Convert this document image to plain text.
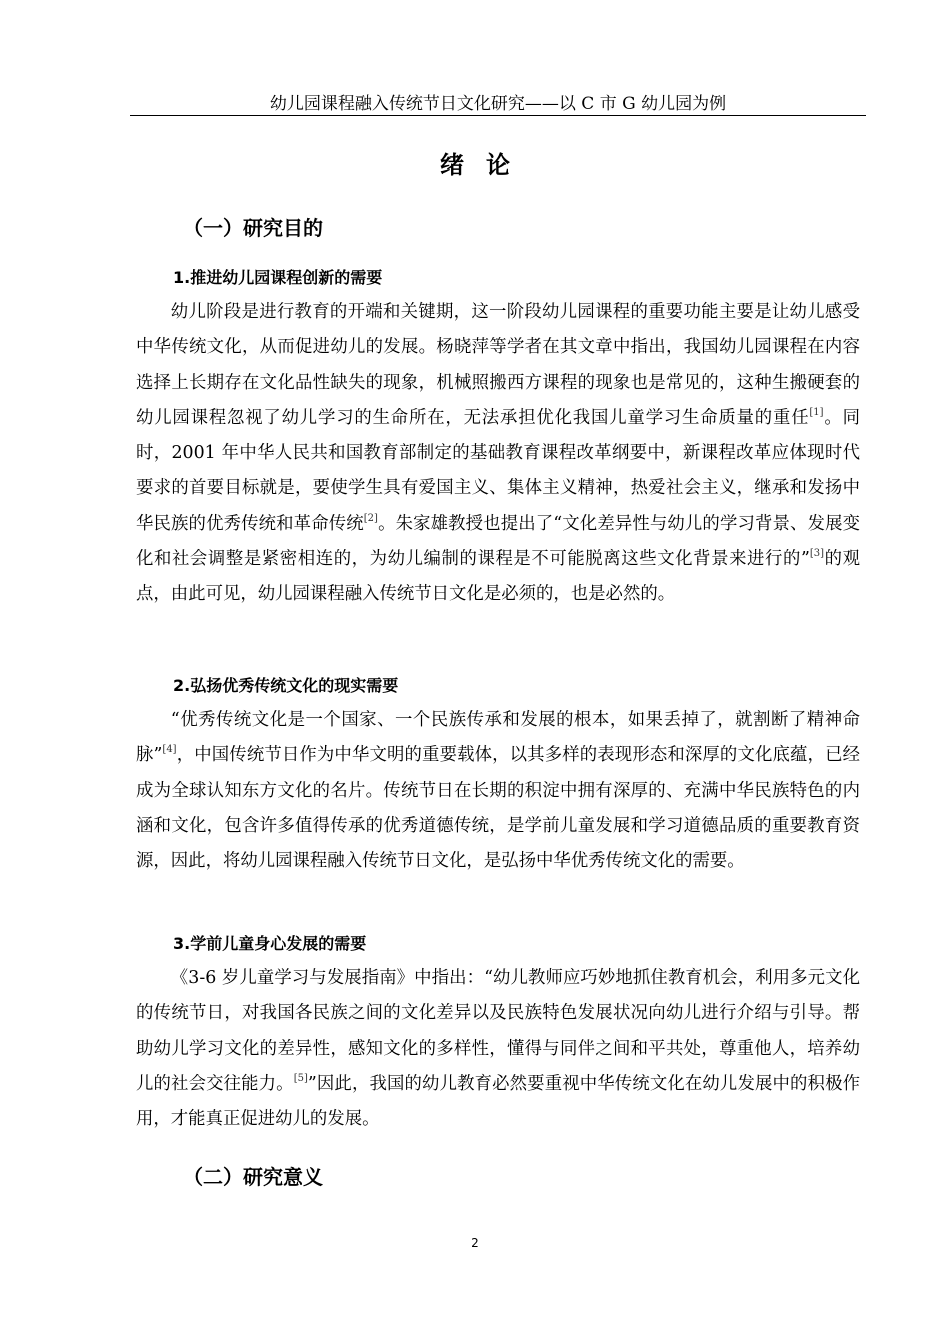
幼儿园课程融入传统节日文化研究——以 C 市 G 幼儿园为例
绪论
（一）研究目的
1.推进幼儿园课程创新的需要

幼儿阶段是进行教育的开端和关键期，这一阶段幼儿园课程的重要功能主要是让幼儿感受中华传统文化，从而促进幼儿的发展。杨晓萍等学者在其文章中指出，我国幼儿园课程在内容选择上长期存在文化品性缺失的现象，机械照搬西方课程的现象也是常见的，这种生搬硬套的幼儿园课程忽视了幼儿学习的生命所在，无法承担优化我国儿童学习生命质量的重任[1]。同时，2001 年中华人民共和国教育部制定的基础教育课程改革纲要中，新课程改革应体现时代要求的首要目标就是，要使学生具有爱国主义、集体主义精神，热爱社会主义，继承和发扬中华民族的优秀传统和革命传统[2]。朱家雄教授也提出了“文化差异性与幼儿的学习背景、发展变化和社会调整是紧密相连的，为幼儿编制的课程是不可能脱离这些文化背景来进行的”[3]的观点，由此可见，幼儿园课程融入传统节日文化是必须的，也是必然的。

2.弘扬优秀传统文化的现实需要

“优秀传统文化是一个国家、一个民族传承和发展的根本，如果丢掉了，就割断了精神命脉”[4]，中国传统节日作为中华文明的重要载体，以其多样的表现形态和深厚的文化底蕴，已经成为全球认知东方文化的名片。传统节日在长期的积淀中拥有深厚的、充满中华民族特色的内涵和文化，包含许多值得传承的优秀道德传统，是学前儿童发展和学习道德品质的重要教育资源，因此，将幼儿园课程融入传统节日文化，是弘扬中华优秀传统文化的需要。

3.学前儿童身心发展的需要

《3-6 岁儿童学习与发展指南》中指出：“幼儿教师应巧妙地抓住教育机会，利用多元文化的传统节日，对我国各民族之间的文化差异以及民族特色发展状况向幼儿进行介绍与引导。帮助幼儿学习文化的差异性，感知文化的多样性，懂得与同伴之间和平共处，尊重他人，培养幼儿的社会交往能力。[5]”因此，我国的幼儿教育必然要重视中华传统文化在幼儿发展中的积极作用，才能真正促进幼儿的发展。

（二）研究意义
2
